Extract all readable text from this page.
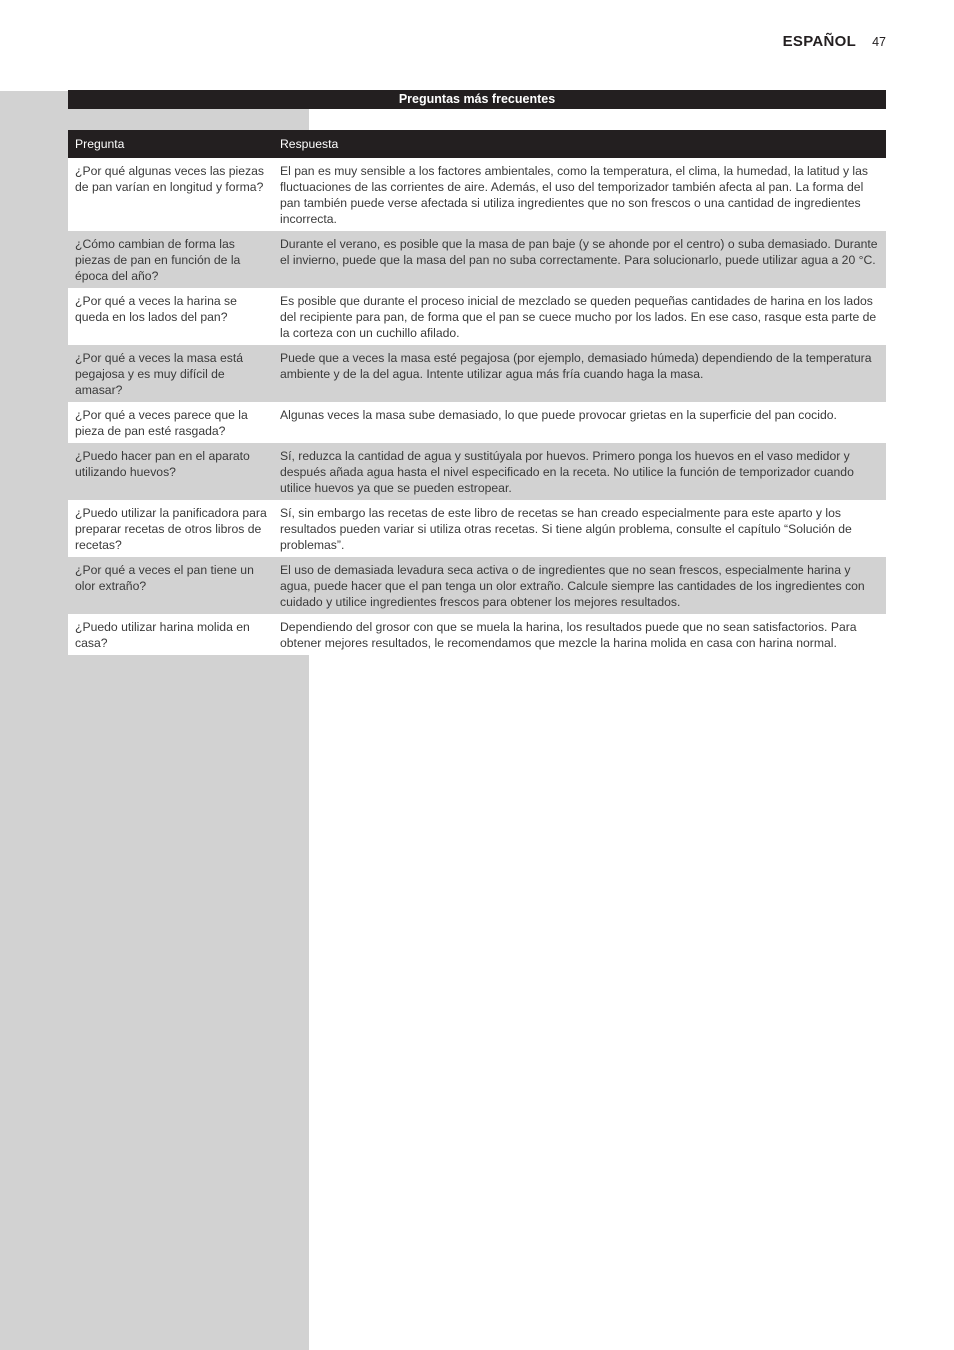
ESPAÑOL 47
Preguntas más frecuentes
Pregunta	Respuesta
¿Por qué algunas veces las piezas de pan varían en longitud y forma?	El pan es muy sensible a los factores ambientales, como la temperatura, el clima, la humedad, la latitud y las fluctuaciones de las corrientes de aire. Además, el uso del temporizador también afecta al pan. La forma del pan también puede verse afectada si utiliza ingredientes que no son frescos o una cantidad de ingredientes incorrecta.
¿Cómo cambian de forma las piezas de pan en función de la época del año?	Durante el verano, es posible que la masa de pan baje (y se ahonde por el centro) o suba demasiado. Durante el invierno, puede que la masa del pan no suba correctamente. Para solucionarlo, puede utilizar agua a 20 °C.
¿Por qué a veces la harina se queda en los lados del pan?	Es posible que durante el proceso inicial de mezclado se queden pequeñas cantidades de harina en los lados del recipiente para pan, de forma que el pan se cuece mucho por los lados. En ese caso, rasque esta parte de la corteza con un cuchillo afilado.
¿Por qué a veces la masa está pegajosa y es muy difícil de amasar?	Puede que a veces la masa esté pegajosa (por ejemplo, demasiado húmeda) dependiendo de la temperatura ambiente y de la del agua. Intente utilizar agua más fría cuando haga la masa.
¿Por qué a veces parece que la pieza de pan esté rasgada?	Algunas veces la masa sube demasiado, lo que puede provocar grietas en la superficie del pan cocido.
¿Puedo hacer pan en el aparato utilizando huevos?	Sí, reduzca la cantidad de agua y sustitúyala por huevos. Primero ponga los huevos en el vaso medidor y después añada agua hasta el nivel especificado en la receta. No utilice la función de temporizador cuando utilice huevos ya que se pueden estropear.
¿Puedo utilizar la panificadora para preparar recetas de otros libros de recetas?	Sí, sin embargo las recetas de este libro de recetas se han creado especialmente para este aparto y los resultados pueden variar si utiliza otras recetas. Si tiene algún problema, consulte el capítulo “Solución de problemas”.
¿Por qué a veces el pan tiene un olor extraño?	El uso de demasiada levadura seca activa o de ingredientes que no sean frescos, especialmente harina y agua, puede hacer que el pan tenga un olor extraño. Calcule siempre las cantidades de los ingredientes con cuidado y utilice ingredientes frescos para obtener los mejores resultados.
¿Puedo utilizar harina molida en casa?	Dependiendo del grosor con que se muela la harina, los resultados puede que no sean satisfactorios. Para obtener mejores resultados, le recomendamos que mezcle la harina molida en casa con harina normal.
